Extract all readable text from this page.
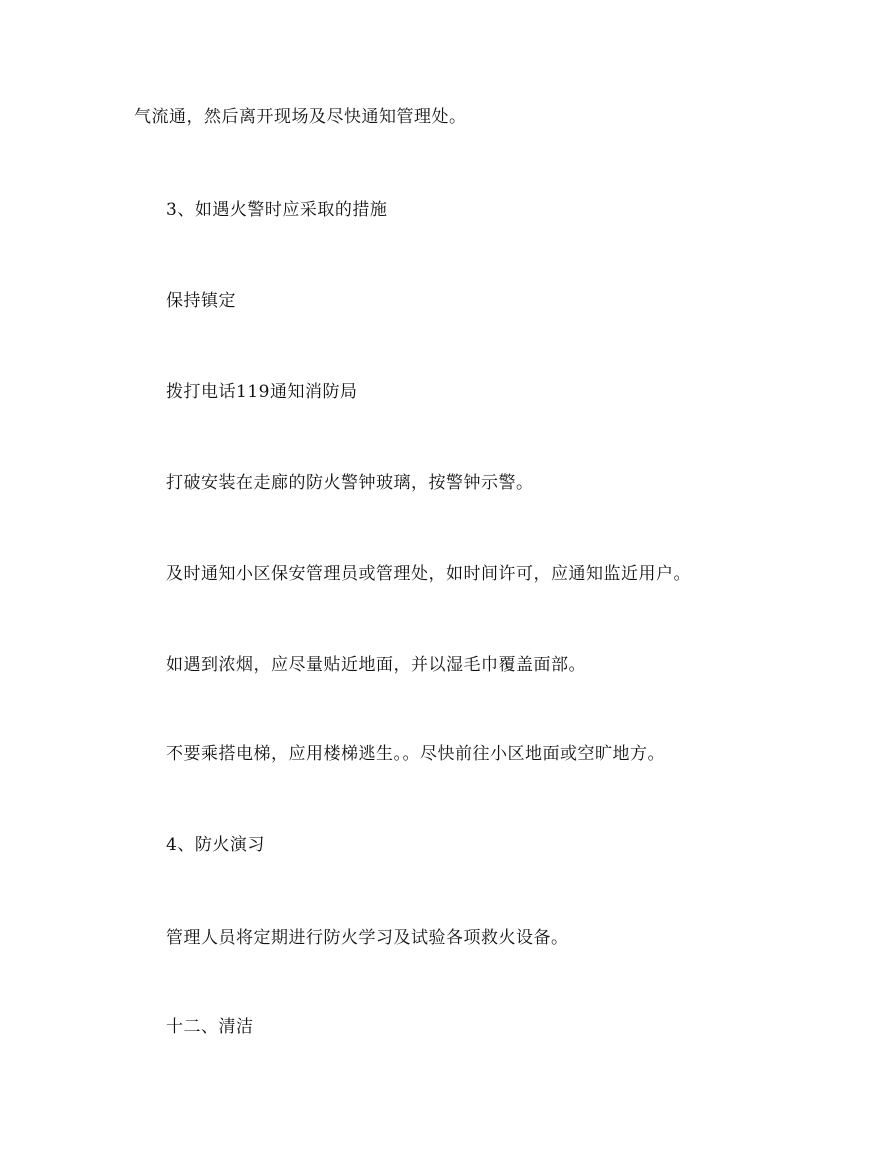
气流通，然后离开现场及尽快通知管理处。
3、如遇火警时应采取的措施
保持镇定
拨打电话119通知消防局
打破安装在走廊的防火警钟玻璃，按警钟示警。
及时通知小区保安管理员或管理处，如时间许可，应通知监近用户。
如遇到浓烟，应尽量贴近地面，并以湿毛巾覆盖面部。
不要乘搭电梯，应用楼梯逃生。。尽快前往小区地面或空旷地方。
4、防火演习
管理人员将定期进行防火学习及试验各项救火设备。
十二、清洁
